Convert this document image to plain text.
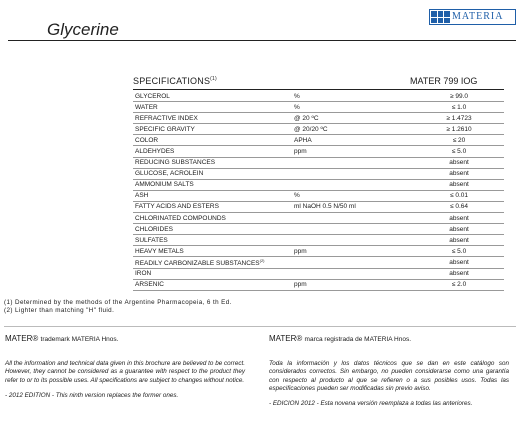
Glycerine
MATERIA
SPECIFICATIONS$^{(1)}$	MATER 799 IOG
GLYCEROL	%	≥ 99.0
WATER	%	≤ 1.0
REFRACTIVE INDEX	@ 20 ºC	≥ 1.4723
SPECIFIC GRAVITY	@ 20/20 ºC	≥ 1.2610
COLOR	APHA	≤ 20
ALDEHYDES	ppm	≤ 5.0
REDUCING SUBSTANCES		absent
GLUCOSE, ACROLEIN		absent
AMMONIUM SALTS		absent
ASH	%	≤ 0.01
FATTY ACIDS AND ESTERS	ml NaOH 0.5 N/50 ml	≤ 0.64
CHLORINATED COMPOUNDS		absent
CHLORIDES		absent
SULFATES		absent
HEAVY METALS	ppm	≤ 5.0
READILY CARBONIZABLE SUBSTANCES$^{(2)}$		absent
IRON		absent
ARSENIC	ppm	≤ 2.0
(1) Determined by the methods of the Argentine Pharmacopeia, 6 th Ed.
(2) Lighter than matching "H" fluid.
MATER® trademark MATERIA Hnos.
All the information and technical data given in this brochure are believed to be correct. However, they cannot be considered as a guarantee with respect to the product they refer to or to its possible uses. All specifications are subject to changes without notice.
- 2012 EDITION - This ninth version replaces the former ones.
MATER® marca registrada de MATERIA Hnos.
Toda la información y los datos técnicos que se dan en este catálogo son considerados correctos. Sin embargo, no pueden considerarse como una garantía con respecto al producto al que se refieren o a sus posibles usos. Todas las especificaciones pueden ser modificadas sin previo aviso.
- EDICION 2012 - Esta novena versión reemplaza a todas las anteriores.
